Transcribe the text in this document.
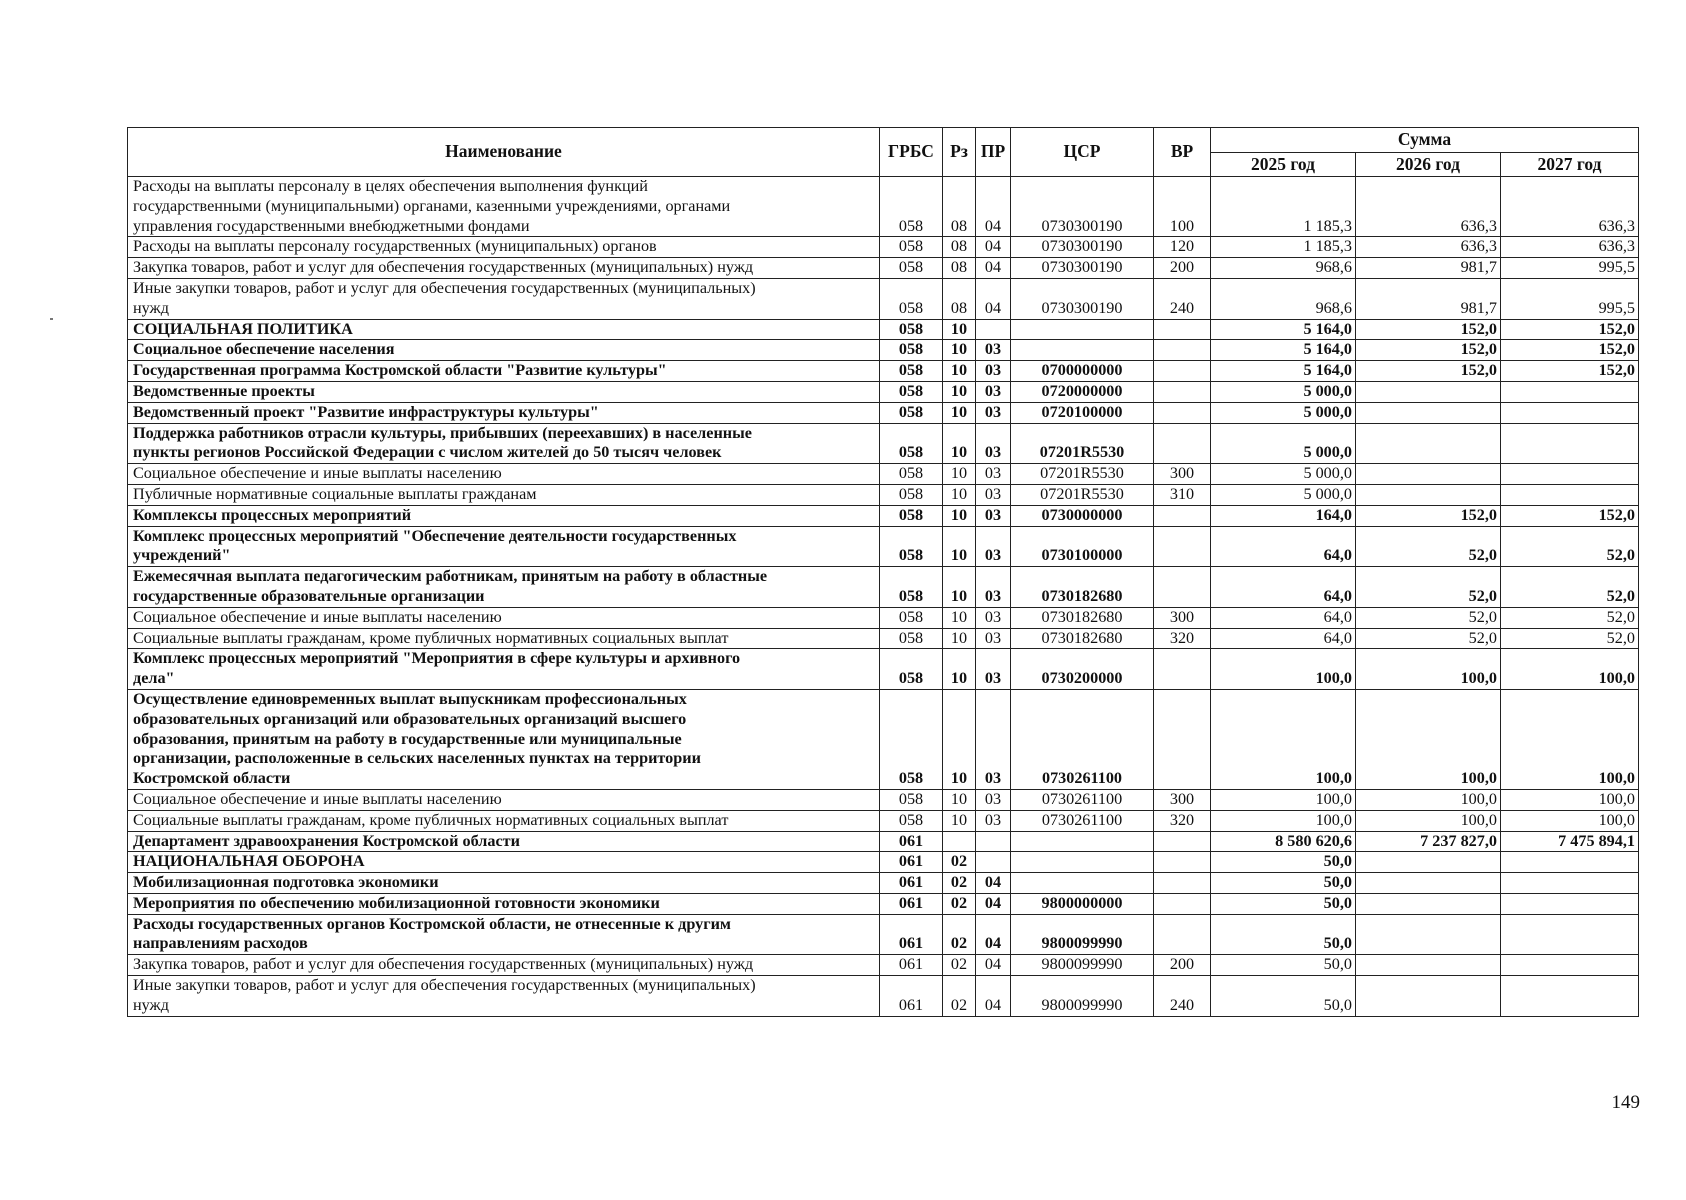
Наименование	ГРБС	Рз	ПР	ЦСР	ВР	Сумма		
						2025 год	2026 год	2027 год

Расходы на выплаты персоналу в целях обеспечения выполнения функций
государственными (муниципальными) органами, казенными учреждениями, органами
управления государственными внебюджетными фондами	058	08	04	0730300190	100	1 185,3	636,3	636,3

Расходы на выплаты персоналу государственных (муниципальных) органов	058	08	04	0730300190	120	1 185,3	636,3	636,3

Закупка товаров, работ и услуг для обеспечения государственных (муниципальных) нужд	058	08	04	0730300190	200	968,6	981,7	995,5

Иные закупки товаров, работ и услуг для обеспечения государственных (муниципальных)
нужд	058	08	04	0730300190	240	968,6	981,7	995,5

СОЦИАЛЬНАЯ ПОЛИТИКА	058	10				5 164,0	152,0	152,0

Социальное обеспечение населения	058	10	03			5 164,0	152,0	152,0

Государственная программа Костромской области "Развитие культуры"	058	10	03	0700000000		5 164,0	152,0	152,0

Ведомственные проекты	058	10	03	0720000000		5 000,0		

Ведомственный проект "Развитие инфраструктуры культуры"	058	10	03	0720100000		5 000,0		

Поддержка работников отрасли культуры, прибывших (переехавших) в населенные
пункты регионов Российской Федерации с числом жителей до 50 тысяч человек	058	10	03	07201R5530		5 000,0		

Социальное обеспечение и иные выплаты населению	058	10	03	07201R5530	300	5 000,0		

Публичные нормативные социальные выплаты гражданам	058	10	03	07201R5530	310	5 000,0		

Комплексы процессных мероприятий	058	10	03	0730000000		164,0	152,0	152,0

Комплекс процессных мероприятий "Обеспечение деятельности государственных
учреждений"	058	10	03	0730100000		64,0	52,0	52,0

Ежемесячная выплата педагогическим работникам, принятым на работу в областные
государственные образовательные организации	058	10	03	0730182680		64,0	52,0	52,0

Социальное обеспечение и иные выплаты населению	058	10	03	0730182680	300	64,0	52,0	52,0

Социальные выплаты гражданам, кроме публичных нормативных социальных выплат	058	10	03	0730182680	320	64,0	52,0	52,0

Комплекс процессных мероприятий "Мероприятия в сфере культуры и архивного
дела"	058	10	03	0730200000		100,0	100,0	100,0

Осуществление единовременных выплат выпускникам профессиональных
образовательных организаций или образовательных организаций высшего
образования, принятым на работу в государственные или муниципальные
организации, расположенные в сельских населенных пунктах на территории
Костромской области	058	10	03	0730261100		100,0	100,0	100,0

Социальное обеспечение и иные выплаты населению	058	10	03	0730261100	300	100,0	100,0	100,0

Социальные выплаты гражданам, кроме публичных нормативных социальных выплат	058	10	03	0730261100	320	100,0	100,0	100,0

Департамент здравоохранения Костромской области	061					8 580 620,6	7 237 827,0	7 475 894,1

НАЦИОНАЛЬНАЯ ОБОРОНА	061	02				50,0		

Мобилизационная подготовка экономики	061	02	04			50,0		

Мероприятия по обеспечению мобилизационной готовности экономики	061	02	04	9800000000		50,0		

Расходы государственных органов Костромской области, не отнесенные к другим
направлениям расходов	061	02	04	9800099990		50,0		

Закупка товаров, работ и услуг для обеспечения государственных (муниципальных) нужд	061	02	04	9800099990	200	50,0		

Иные закупки товаров, работ и услуг для обеспечения государственных (муниципальных)
нужд	061	02	04	9800099990	240	50,0		
149
